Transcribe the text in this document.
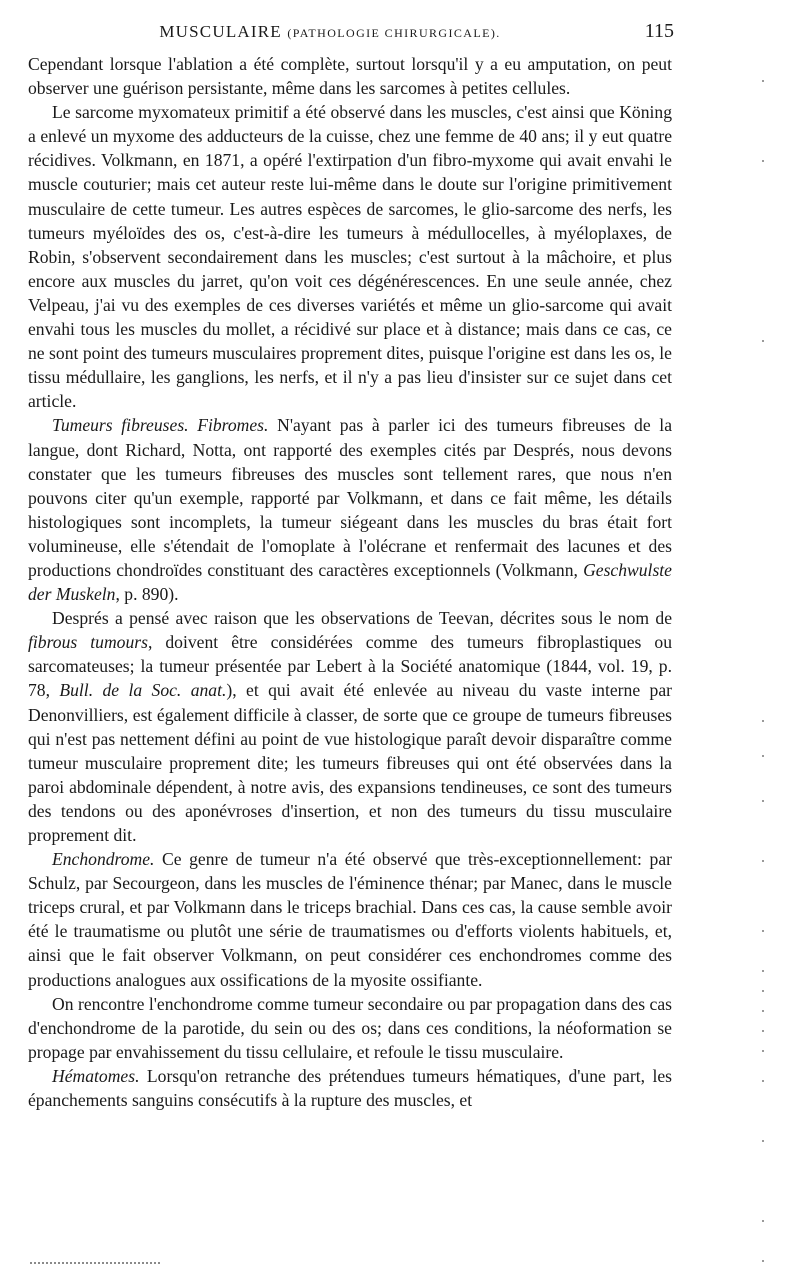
MUSCULAIRE (PATHOLOGIE CHIRURGICALE).	115

Cependant lorsque l'ablation a été complète, surtout lorsqu'il y a eu amputation, on peut observer une guérison persistante, même dans les sarcomes à petites cellules.

Le sarcome myxomateux primitif a été observé dans les muscles, c'est ainsi que Köning a enlevé un myxome des adducteurs de la cuisse, chez une femme de 40 ans; il y eut quatre récidives. Volkmann, en 1871, a opéré l'extirpation d'un fibro-myxome qui avait envahi le muscle couturier; mais cet auteur reste lui-même dans le doute sur l'origine primitivement musculaire de cette tumeur. Les autres espèces de sarcomes, le glio-sarcome des nerfs, les tumeurs myéloïdes des os, c'est-à-dire les tumeurs à médullocelles, à myéloplaxes, de Robin, s'observent secondairement dans les muscles; c'est surtout à la mâchoire, et plus encore aux muscles du jarret, qu'on voit ces dégénérescences. En une seule année, chez Velpeau, j'ai vu des exemples de ces diverses variétés et même un glio-sarcome qui avait envahi tous les muscles du mollet, a récidivé sur place et à distance; mais dans ce cas, ce ne sont point des tumeurs musculaires proprement dites, puisque l'origine est dans les os, le tissu médullaire, les ganglions, les nerfs, et il n'y a pas lieu d'insister sur ce sujet dans cet article.

Tumeurs fibreuses. Fibromes. N'ayant pas à parler ici des tumeurs fibreuses de la langue, dont Richard, Notta, ont rapporté des exemples cités par Després, nous devons constater que les tumeurs fibreuses des muscles sont tellement rares, que nous n'en pouvons citer qu'un exemple, rapporté par Volkmann, et dans ce fait même, les détails histologiques sont incomplets, la tumeur siégeant dans les muscles du bras était fort volumineuse, elle s'étendait de l'omoplate à l'olécrane et renfermait des lacunes et des productions chondroïdes constituant des caractères exceptionnels (Volkmann, Geschwulste der Muskeln, p. 890).

Després a pensé avec raison que les observations de Teevan, décrites sous le nom de fibrous tumours, doivent être considérées comme des tumeurs fibroplastiques ou sarcomateuses; la tumeur présentée par Lebert à la Société anatomique (1844, vol. 19, p. 78, Bull. de la Soc. anat.), et qui avait été enlevée au niveau du vaste interne par Denonvilliers, est également difficile à classer, de sorte que ce groupe de tumeurs fibreuses qui n'est pas nettement défini au point de vue histologique paraît devoir disparaître comme tumeur musculaire proprement dite; les tumeurs fibreuses qui ont été observées dans la paroi abdominale dépendent, à notre avis, des expansions tendineuses, ce sont des tumeurs des tendons ou des aponévroses d'insertion, et non des tumeurs du tissu musculaire proprement dit.

Enchondrome. Ce genre de tumeur n'a été observé que très-exceptionnellement: par Schulz, par Secourgeon, dans les muscles de l'éminence thénar; par Manec, dans le muscle triceps crural, et par Volkmann dans le triceps brachial. Dans ces cas, la cause semble avoir été le traumatisme ou plutôt une série de traumatismes ou d'efforts violents habituels, et, ainsi que le fait observer Volkmann, on peut considérer ces enchondromes comme des productions analogues aux ossifications de la myosite ossifiante.

On rencontre l'enchondrome comme tumeur secondaire ou par propagation dans des cas d'enchondrome de la parotide, du sein ou des os; dans ces conditions, la néoformation se propage par envahissement du tissu cellulaire, et refoule le tissu musculaire.

Hématomes. Lorsqu'on retranche des prétendues tumeurs hématiques, d'une part, les épanchements sanguins consécutifs à la rupture des muscles, et
